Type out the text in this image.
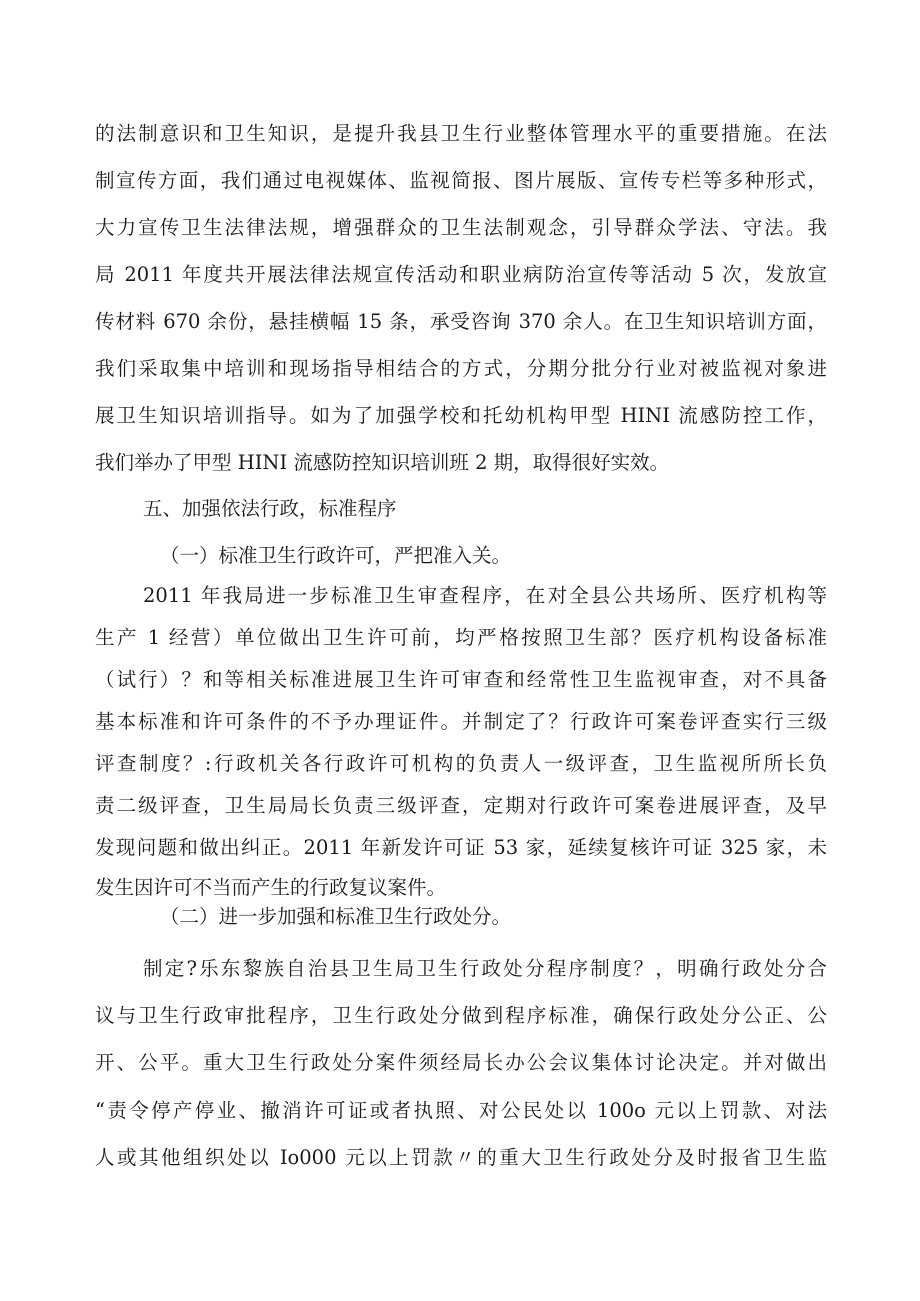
的法制意识和卫生知识，是提升我县卫生行业整体管理水平的重要措施。在法
制宣传方面，我们通过电视媒体、监视简报、图片展版、宣传专栏等多种形式，
大力宣传卫生法律法规，增强群众的卫生法制观念，引导群众学法、守法。我
局 2011 年度共开展法律法规宣传活动和职业病防治宣传等活动 5 次，发放宣
传材料 670 余份，悬挂横幅 15 条，承受咨询 370 余人。在卫生知识培训方面，
我们采取集中培训和现场指导相结合的方式，分期分批分行业对被监视对象进
展卫生知识培训指导。如为了加强学校和托幼机构甲型 HINI 流感防控工作，
我们举办了甲型 HINI 流感防控知识培训班 2 期，取得很好实效。
五、加强依法行政，标准程序
（一）标准卫生行政许可，严把准入关。
2011 年我局进一步标准卫生审查程序，在对全县公共场所、医疗机构等
生产 1 经营）单位做出卫生许可前，均严格按照卫生部？医疗机构设备标准
（试行）？和等相关标准进展卫生许可审查和经常性卫生监视审查，对不具备
基本标准和许可条件的不予办理证件。并制定了？行政许可案卷评查实行三级
评查制度？:行政机关各行政许可机构的负责人一级评查，卫生监视所所长负
责二级评查，卫生局局长负责三级评查，定期对行政许可案卷进展评查，及早
发现问题和做出纠正。2011 年新发许可证 53 家，延续复核许可证 325 家，未
发生因许可不当而产生的行政复议案件。
（二）进一步加强和标准卫生行政处分。
制定?乐东黎族自治县卫生局卫生行政处分程序制度？，明确行政处分合
议与卫生行政审批程序，卫生行政处分做到程序标准，确保行政处分公正、公
开、公平。重大卫生行政处分案件须经局长办公会议集体讨论决定。并对做出
“责令停产停业、撤消许可证或者执照、对公民处以 100o 元以上罚款、对法
人或其他组织处以 Io000 元以上罚款〃的重大卫生行政处分及时报省卫生监
